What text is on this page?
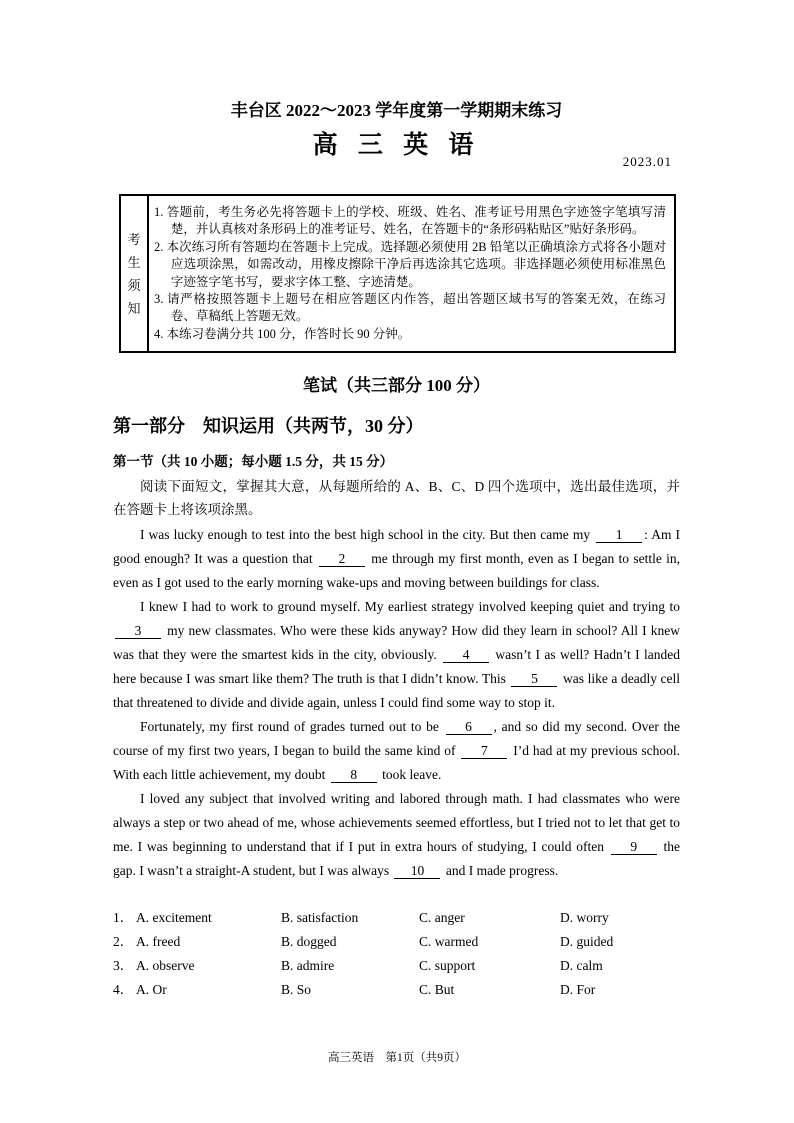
丰台区 2022～2023 学年度第一学期期末练习
高 三 英 语
2023.01
考
生
须
知
1. 答题前，考生务必先将答题卡上的学校、班级、姓名、准考证号用黑色字迹签字笔填写清楚，并认真核对条形码上的准考证号、姓名，在答题卡的“条形码粘贴区”贴好条形码。
2. 本次练习所有答题均在答题卡上完成。选择题必须使用 2B 铅笔以正确填涂方式将各小题对应选项涂黑，如需改动，用橡皮擦除干净后再选涂其它选项。非选择题必须使用标准黑色字迹签字笔书写，要求字体工整、字迹清楚。
3. 请严格按照答题卡上题号在相应答题区内作答，超出答题区域书写的答案无效，在练习卷、草稿纸上答题无效。
4. 本练习卷满分共 100 分，作答时长 90 分钟。
笔试（共三部分 100 分）
第一部分　知识运用（共两节，30 分）
第一节（共 10 小题；每小题 1.5 分，共 15 分）

阅读下面短文，掌握其大意，从每题所给的 A、B、C、D 四个选项中，选出最佳选项，并在答题卡上将该项涂黑。

I was lucky enough to test into the best high school in the city. But then came my 1 : Am I good enough? It was a question that 2 me through my first month, even as I began to settle in, even as I got used to the early morning wake-ups and moving between buildings for class.

I knew I had to work to ground myself. My earliest strategy involved keeping quiet and trying to 3 my new classmates. Who were these kids anyway? How did they learn in school? All I knew was that they were the smartest kids in the city, obviously. 4 wasn’t I as well? Hadn’t I landed here because I was smart like them? The truth is that I didn’t know. This 5 was like a deadly cell that threatened to divide and divide again, unless I could find some way to stop it.

Fortunately, my first round of grades turned out to be 6 , and so did my second. Over the course of my first two years, I began to build the same kind of 7 I’d had at my previous school. With each little achievement, my doubt 8 took leave.

I loved any subject that involved writing and labored through math. I had classmates who were always a step or two ahead of me, whose achievements seemed effortless, but I tried not to let that get to me. I was beginning to understand that if I put in extra hours of studying, I could often 9 the gap. I wasn’t a straight-A student, but I was always 10 and I made progress.

1． A. excitement	B. satisfaction	C. anger	D. worry
2． A. freed	B. dogged	C. warmed	D. guided
3． A. observe	B. admire	C. support	D. calm
4． A. Or	B. So	C. But	D. For
高三英语　第1页（共9页）
